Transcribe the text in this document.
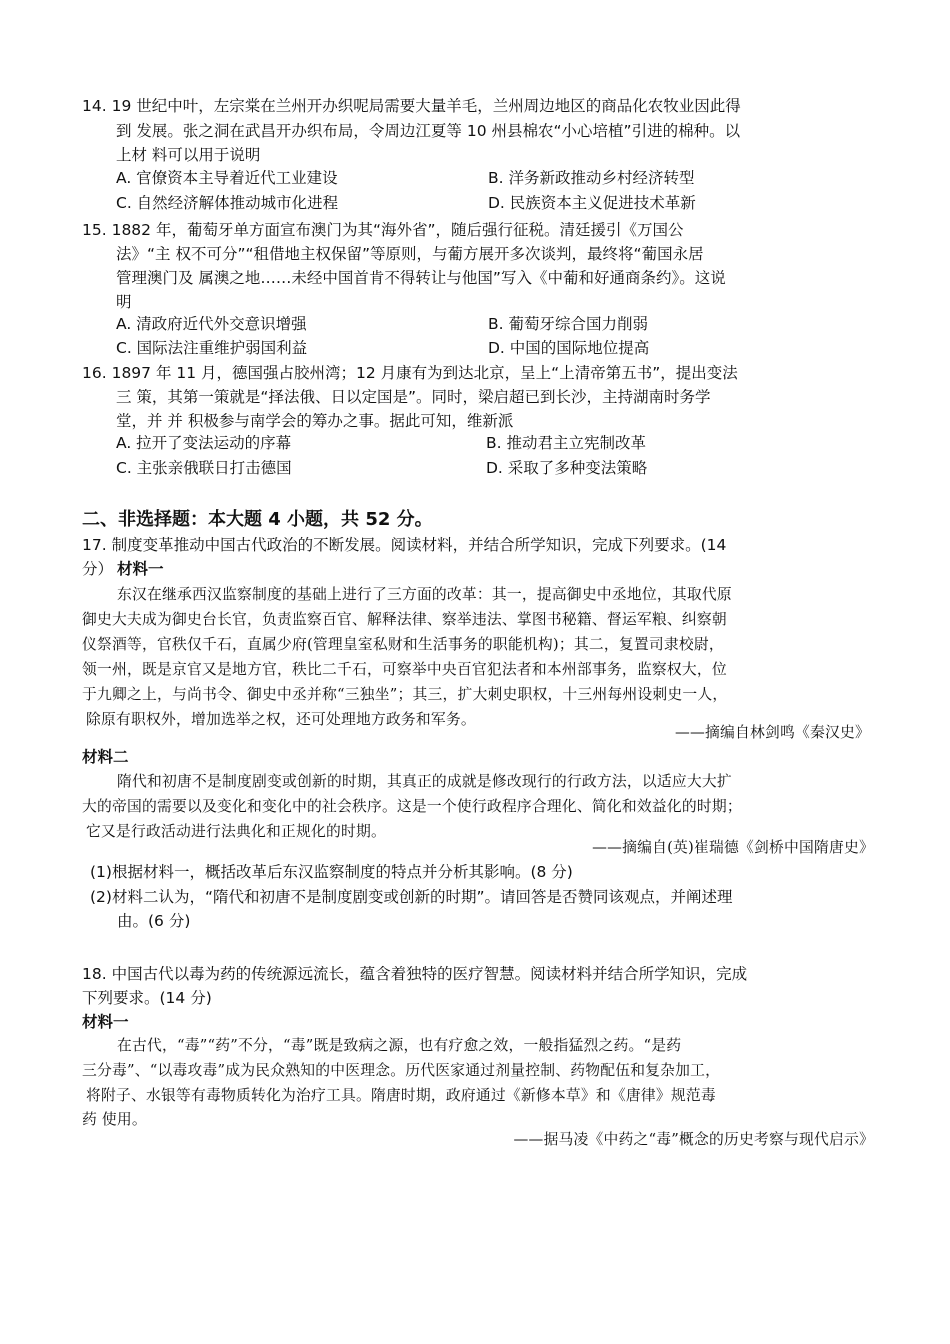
14. 19 世纪中叶，左宗棠在兰州开办织呢局需要大量羊毛，兰州周边地区的商品化农牧业因此得
到 发展。张之洞在武昌开办织布局，令周边江夏等 10 州县棉农“小心培植”引进的棉种。以
上材 料可以用于说明
A. 官僚资本主导着近代工业建设	B. 洋务新政推动乡村经济转型
C. 自然经济解体推动城市化进程	D. 民族资本主义促进技术革新
15. 1882 年，葡萄牙单方面宣布澳门为其“海外省”，随后强行征税。清廷援引《万国公
法》“主 权不可分”“租借地主权保留”等原则，与葡方展开多次谈判，最终将“葡国永居
管理澳门及 属澳之地……未经中国首肯不得转让与他国”写入《中葡和好通商条约》。这说
明
A. 清政府近代外交意识增强	B. 葡萄牙综合国力削弱
C. 国际法注重维护弱国利益	D. 中国的国际地位提高
16. 1897 年 11 月，德国强占胶州湾；12 月康有为到达北京，呈上“上清帝第五书”，提出变法
三 策，其第一策就是“择法俄、日以定国是”。同时，梁启超已到长沙，主持湖南时务学
堂，并 并 积极参与南学会的筹办之事。据此可知，维新派
A. 拉开了变法运动的序幕	B. 推动君主立宪制改革
C. 主张亲俄联日打击德国	D. 采取了多种变法策略
二、非选择题：本大题 4 小题，共 52 分。
17. 制度变革推动中国古代政治的不断发展。阅读材料，并结合所学知识，完成下列要求。(14
分） 材料一
东汉在继承西汉监察制度的基础上进行了三方面的改革：其一，提高御史中丞地位，其取代原
御史大夫成为御史台长官，负责监察百官、解释法律、察举违法、掌图书秘籍、督运军粮、纠察朝
仪祭酒等，官秩仅千石，直属少府(管理皇室私财和生活事务的职能机构)；其二，复置司隶校尉，
领一州，既是京官又是地方官，秩比二千石，可察举中央百官犯法者和本州部事务，监察权大，位
于九卿之上，与尚书令、御史中丞并称“三独坐”；其三，扩大刺史职权，十三州每州设刺史一人，
除原有职权外，增加选举之权，还可处理地方政务和军务。
——摘编自林剑鸣《秦汉史》
材料二
隋代和初唐不是制度剧变或创新的时期，其真正的成就是修改现行的行政方法，以适应大大扩
大的帝国的需要以及变化和变化中的社会秩序。这是一个使行政程序合理化、简化和效益化的时期；
它又是行政活动进行法典化和正规化的时期。
——摘编自(英)崔瑞德《剑桥中国隋唐史》
(1)根据材料一，概括改革后东汉监察制度的特点并分析其影响。(8 分)
(2)材料二认为，“隋代和初唐不是制度剧变或创新的时期”。请回答是否赞同该观点，并阐述理
由。(6 分)
18. 中国古代以毒为药的传统源远流长，蕴含着独特的医疗智慧。阅读材料并结合所学知识，完成
下列要求。(14 分)
材料一
在古代，“毒”“药”不分，“毒”既是致病之源，也有疗愈之效，一般指猛烈之药。“是药
三分毒”、“以毒攻毒”成为民众熟知的中医理念。历代医家通过剂量控制、药物配伍和复杂加工，
将附子、水银等有毒物质转化为治疗工具。隋唐时期，政府通过《新修本草》和《唐律》规范毒
药 使用。
——据马凌《中药之“毒”概念的历史考察与现代启示》
